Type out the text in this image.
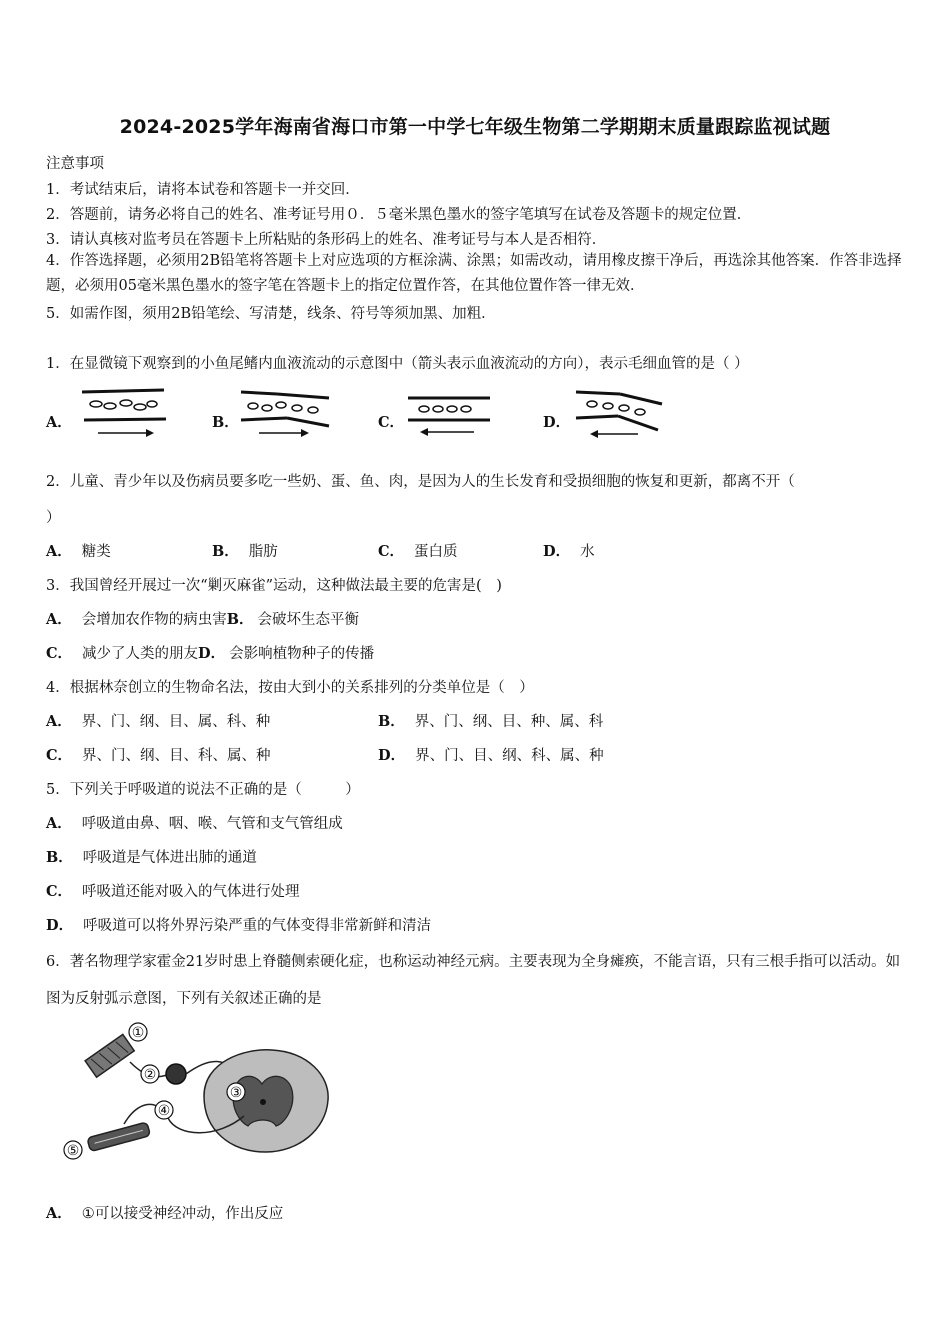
2024-2025学年海南省海口市第一中学七年级生物第二学期期末质量跟踪监视试题
注意事项
1．考试结束后，请将本试卷和答题卡一并交回．
2．答题前，请务必将自己的姓名、准考证号用０．５毫米黑色墨水的签字笔填写在试卷及答题卡的规定位置．
3．请认真核对监考员在答题卡上所粘贴的条形码上的姓名、准考证号与本人是否相符．
4．作答选择题，必须用2B铅笔将答题卡上对应选项的方框涂满、涂黑；如需改动，请用橡皮擦干净后，再选涂其他答案．作答非选择题，必须用05毫米黑色墨水的签字笔在答题卡上的指定位置作答，在其他位置作答一律无效．
5．如需作图，须用2B铅笔绘、写清楚，线条、符号等须加黑、加粗．
1．在显微镜下观察到的小鱼尾鳍内血液流动的示意图中（箭头表示血液流动的方向），表示毛细血管的是（ ）
A．	B．	C．	D．
2．儿童、青少年以及伤病员要多吃一些奶、蛋、鱼、肉，是因为人的生长发育和受损细胞的恢复和更新，都离不开（
）
A． 糖类	B． 脂肪	C． 蛋白质	D． 水
3．我国曾经开展过一次“剿灭麻雀”运动，这种做法最主要的危害是(　)
A． 会增加农作物的病虫害B． 会破坏生态平衡
C． 减少了人类的朋友D． 会影响植物种子的传播
4．根据林奈创立的生物命名法，按由大到小的关系排列的分类单位是（　）
A． 界、门、纲、目、属、科、种	B． 界、门、纲、目、种、属、科
C． 界、门、纲、目、科、属、种	D． 界、门、目、纲、科、属、种
5．下列关于呼吸道的说法不正确的是（　　　）
A． 呼吸道由鼻、咽、喉、气管和支气管组成
B． 呼吸道是气体进出肺的通道
C． 呼吸道还能对吸入的气体进行处理
D． 呼吸道可以将外界污染严重的气体变得非常新鲜和清洁
6．著名物理学家霍金21岁时患上脊髓侧索硬化症，也称运动神经元病。主要表现为全身瘫痪，不能言语，只有三根手指可以活动。如图为反射弧示意图，下列有关叙述正确的是
①
②
③
④
⑤
A． ①可以接受神经冲动，作出反应
